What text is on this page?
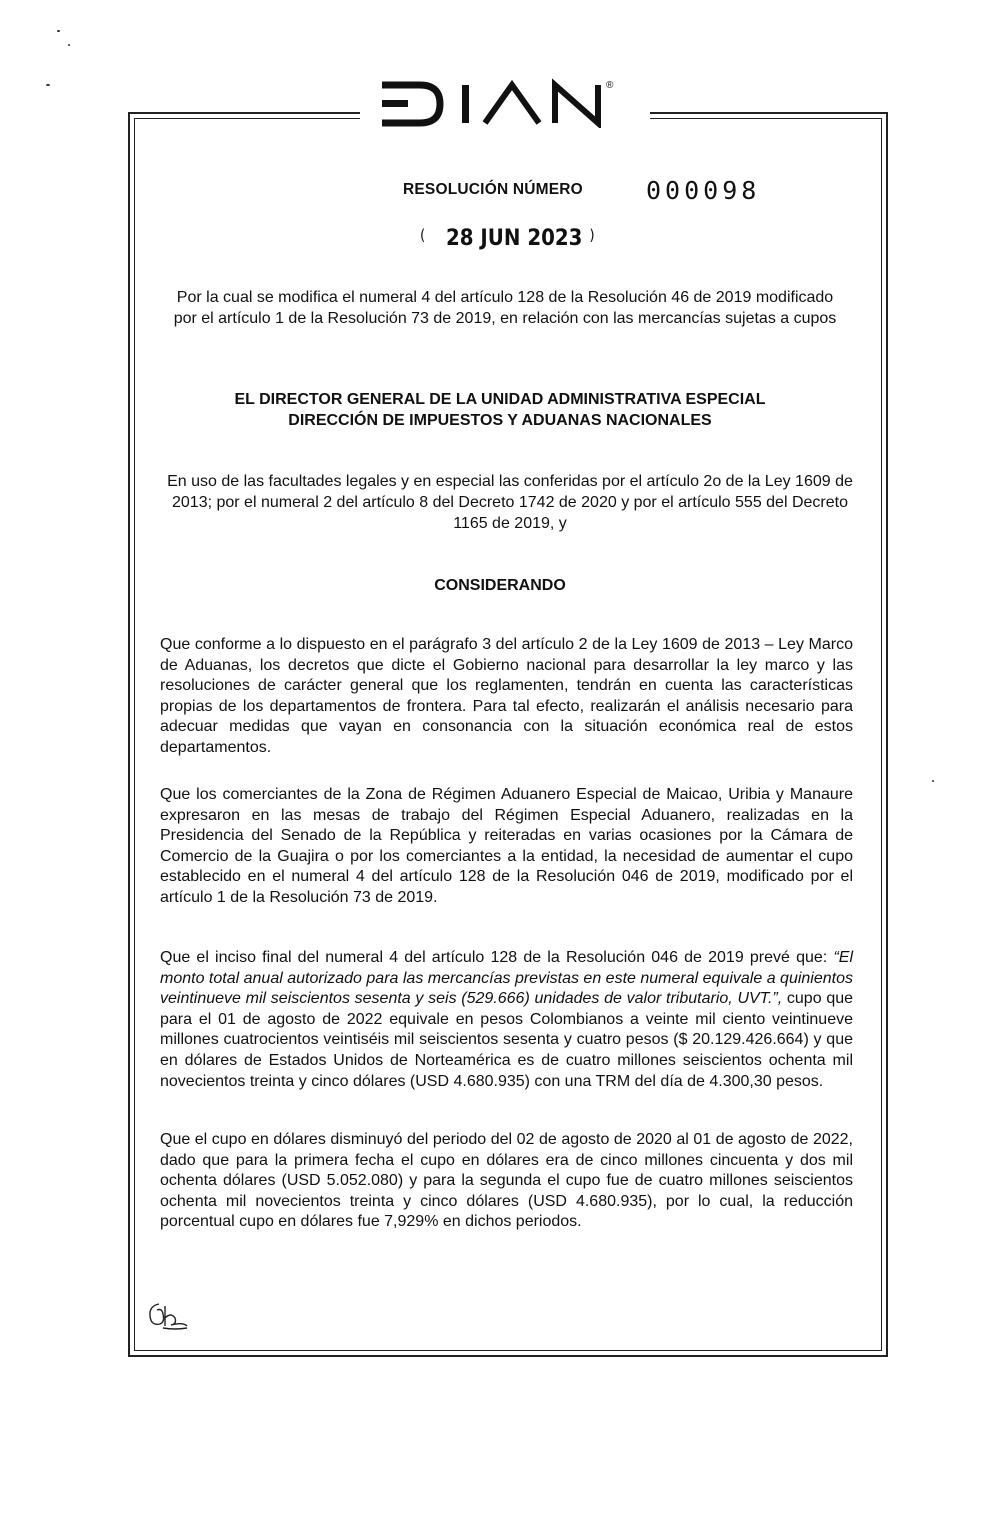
®
RESOLUCIÓN NÚMERO	000098
( 28 JUN 2023 )
Por la cual se modifica el numeral 4 del artículo 128 de la Resolución 46 de 2019 modificado por el artículo 1 de la Resolución 73 de 2019, en relación con las mercancías sujetas a cupos
EL DIRECTOR GENERAL DE LA UNIDAD ADMINISTRATIVA ESPECIAL
DIRECCIÓN DE IMPUESTOS Y ADUANAS NACIONALES
En uso de las facultades legales y en especial las conferidas por el artículo 2o de la Ley 1609 de 2013; por el numeral 2 del artículo 8 del Decreto 1742 de 2020 y por el artículo 555 del Decreto 1165 de 2019, y
CONSIDERANDO

Que conforme a lo dispuesto en el parágrafo 3 del artículo 2 de la Ley 1609 de 2013 – Ley Marco de Aduanas, los decretos que dicte el Gobierno nacional para desarrollar la ley marco y las resoluciones de carácter general que los reglamenten, tendrán en cuenta las características propias de los departamentos de frontera. Para tal efecto, realizarán el análisis necesario para adecuar medidas que vayan en consonancia con la situación económica real de estos departamentos.

Que los comerciantes de la Zona de Régimen Aduanero Especial de Maicao, Uribia y Manaure expresaron en las mesas de trabajo del Régimen Especial Aduanero, realizadas en la Presidencia del Senado de la República y reiteradas en varias ocasiones por la Cámara de Comercio de la Guajira o por los comerciantes a la entidad, la necesidad de aumentar el cupo establecido en el numeral 4 del artículo 128 de la Resolución 046 de 2019, modificado por el artículo 1 de la Resolución 73 de 2019.

Que el inciso final del numeral 4 del artículo 128 de la Resolución 046 de 2019 prevé que: “El monto total anual autorizado para las mercancías previstas en este numeral equivale a quinientos veintinueve mil seiscientos sesenta y seis (529.666) unidades de valor tributario, UVT.”, cupo que para el 01 de agosto de 2022 equivale en pesos Colombianos a veinte mil ciento veintinueve millones cuatrocientos veintiséis mil seiscientos sesenta y cuatro pesos ($ 20.129.426.664) y que en dólares de Estados Unidos de Norteamérica es de cuatro millones seiscientos ochenta mil novecientos treinta y cinco dólares (USD 4.680.935) con una TRM del día de 4.300,30 pesos.

Que el cupo en dólares disminuyó del periodo del 02 de agosto de 2020 al 01 de agosto de 2022, dado que para la primera fecha el cupo en dólares era de cinco millones cincuenta y dos mil ochenta dólares (USD 5.052.080) y para la segunda el cupo fue de cuatro millones seiscientos ochenta mil novecientos treinta y cinco dólares (USD 4.680.935), por lo cual, la reducción porcentual cupo en dólares fue 7,929% en dichos periodos.
